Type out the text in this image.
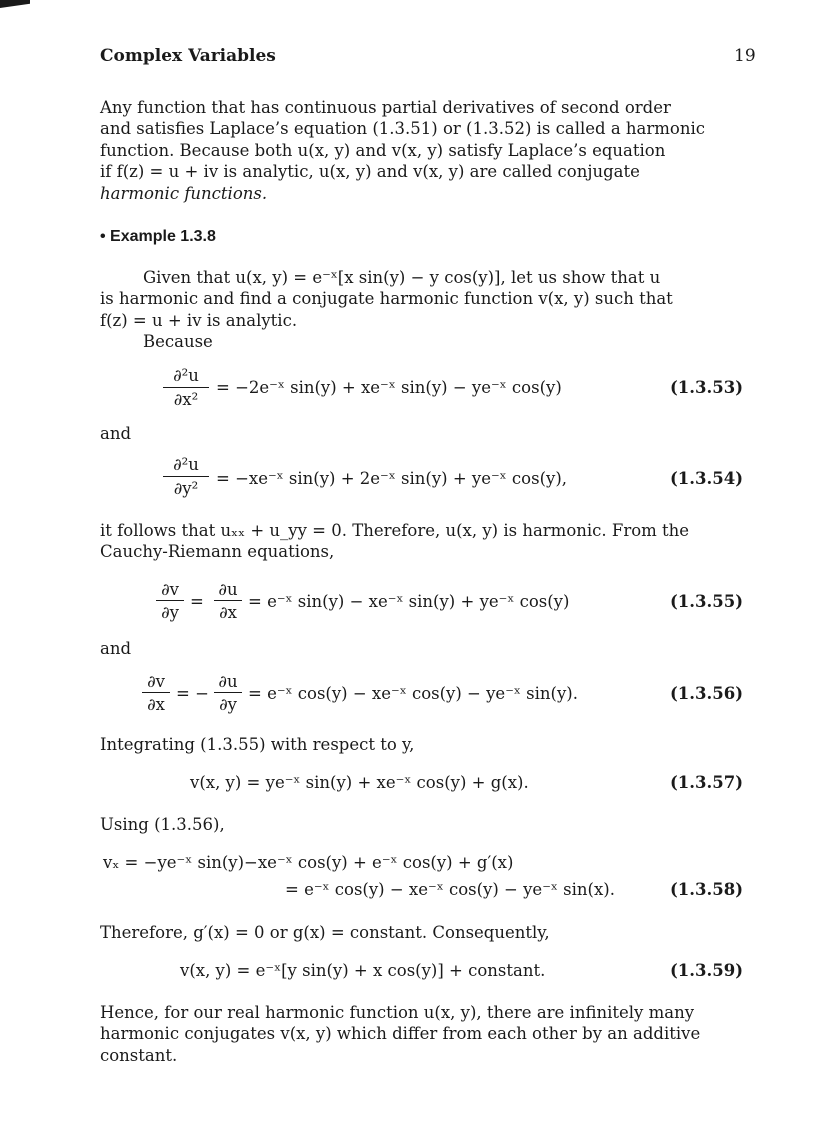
Complex Variables	19
Any function that has continuous partial derivatives of second order
and satisfies Laplace’s equation (1.3.51) or (1.3.52) is called a harmonic
function. Because both u(x, y) and v(x, y) satisfy Laplace’s equation
if f(z) = u + iv is analytic, u(x, y) and v(x, y) are called conjugate
harmonic functions.
• Example 1.3.8
Given that u(x, y) = e⁻ˣ[x sin(y) − y cos(y)], let us show that u
is harmonic and find a conjugate harmonic function v(x, y) such that
f(z) = u + iv is analytic.
Because
∂²u
∂x²
= −2e⁻ˣ sin(y) + xe⁻ˣ sin(y) − ye⁻ˣ cos(y)	(1.3.53)
and
∂²u
∂y²
= −xe⁻ˣ sin(y) + 2e⁻ˣ sin(y) + ye⁻ˣ cos(y),	(1.3.54)
it follows that uₓₓ + u_yy = 0. Therefore, u(x, y) is harmonic. From the
Cauchy-Riemann equations,
∂v
∂y
=
∂u
∂x
= e⁻ˣ sin(y) − xe⁻ˣ sin(y) + ye⁻ˣ cos(y)	(1.3.55)
and
∂v
∂x
= −
∂u
∂y
= e⁻ˣ cos(y) − xe⁻ˣ cos(y) − ye⁻ˣ sin(y).	(1.3.56)
Integrating (1.3.55) with respect to y,
v(x, y) = ye⁻ˣ sin(y) + xe⁻ˣ cos(y) + g(x).	(1.3.57)
Using (1.3.56),
vₓ = −ye⁻ˣ sin(y)−xe⁻ˣ cos(y) + e⁻ˣ cos(y) + g′(x)
= e⁻ˣ cos(y) − xe⁻ˣ cos(y) − ye⁻ˣ sin(x).	(1.3.58)
Therefore, g′(x) = 0 or g(x) = constant. Consequently,
v(x, y) = e⁻ˣ[y sin(y) + x cos(y)] + constant.	(1.3.59)
Hence, for our real harmonic function u(x, y), there are infinitely many
harmonic conjugates v(x, y) which differ from each other by an additive
constant.
